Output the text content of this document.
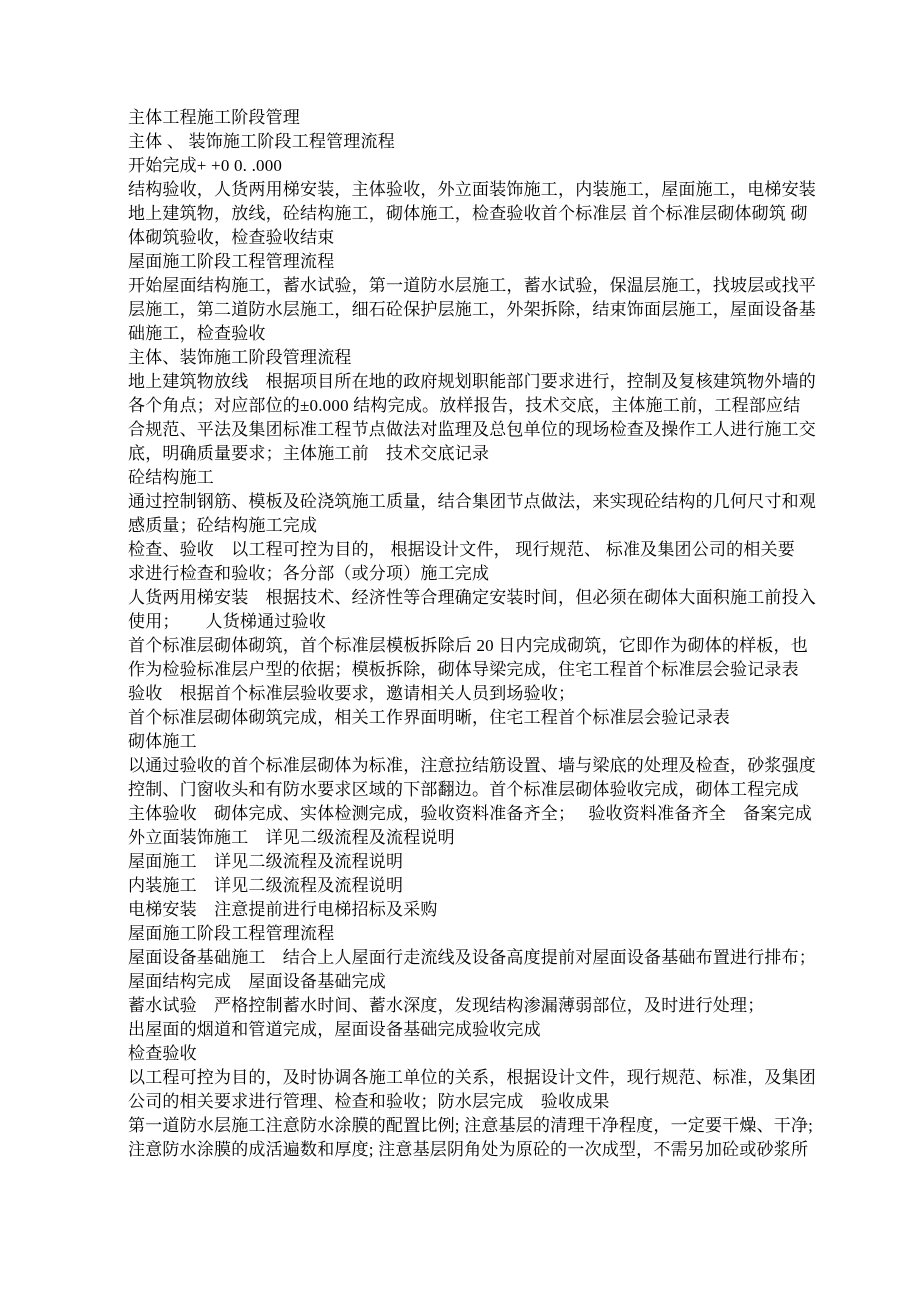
主体工程施工阶段管理
主体 、 装饰施工阶段工程管理流程
开始完成+ +0 0. .000
结构验收，人货两用梯安装，主体验收，外立面装饰施工，内装施工，屋面施工，电梯安装
地上建筑物，放线，砼结构施工，砌体施工，检查验收首个标准层 首个标准层砌体砌筑 砌
体砌筑验收，检查验收结束
屋面施工阶段工程管理流程
开始屋面结构施工，蓄水试验，第一道防水层施工，蓄水试验，保温层施工，找坡层或找平
层施工，第二道防水层施工，细石砼保护层施工，外架拆除，结束饰面层施工，屋面设备基
础施工，检查验收
主体、装饰施工阶段管理流程
地上建筑物放线　根据项目所在地的政府规划职能部门要求进行，控制及复核建筑物外墙的
各个角点；对应部位的±0.000 结构完成。放样报告，技术交底，主体施工前，工程部应结
合规范、平法及集团标准工程节点做法对监理及总包单位的现场检查及操作工人进行施工交
底，明确质量要求；主体施工前　技术交底记录
砼结构施工
通过控制钢筋、模板及砼浇筑施工质量，结合集团节点做法，来实现砼结构的几何尺寸和观
感质量；砼结构施工完成
检查、验收　以工程可控为目的， 根据设计文件， 现行规范、 标准及集团公司的相关要
求进行检查和验收；各分部（或分项）施工完成
人货两用梯安装　根据技术、经济性等合理确定安装时间，但必须在砌体大面积施工前投入
使用；　　人货梯通过验收
首个标准层砌体砌筑，首个标准层模板拆除后 20 日内完成砌筑，它即作为砌体的样板，也
作为检验标准层户型的依据；模板拆除，砌体导梁完成，住宅工程首个标准层会验记录表
验收　根据首个标准层验收要求，邀请相关人员到场验收；
首个标准层砌体砌筑完成，相关工作界面明晰，住宅工程首个标准层会验记录表
砌体施工
以通过验收的首个标准层砌体为标准，注意拉结筋设置、墙与梁底的处理及检查，砂浆强度
控制、门窗收头和有防水要求区域的下部翻边。首个标准层砌体验收完成，砌体工程完成
主体验收　砌体完成、实体检测完成，验收资料准备齐全；　 验收资料准备齐全　备案完成
外立面装饰施工　详见二级流程及流程说明
屋面施工　详见二级流程及流程说明
内装施工　详见二级流程及流程说明
电梯安装　注意提前进行电梯招标及采购
屋面施工阶段工程管理流程
屋面设备基础施工　结合上人屋面行走流线及设备高度提前对屋面设备基础布置进行排布；
屋面结构完成　屋面设备基础完成
蓄水试验　严格控制蓄水时间、蓄水深度，发现结构渗漏薄弱部位，及时进行处理；
出屋面的烟道和管道完成，屋面设备基础完成验收完成
检查验收
以工程可控为目的，及时协调各施工单位的关系，根据设计文件，现行规范、标准，及集团
公司的相关要求进行管理、检查和验收；防水层完成　验收成果
第一道防水层施工注意防水涂膜的配置比例; 注意基层的清理干净程度，一定要干燥、干净;
注意防水涂膜的成活遍数和厚度; 注意基层阴角处为原砼的一次成型，不需另加砼或砂浆所
